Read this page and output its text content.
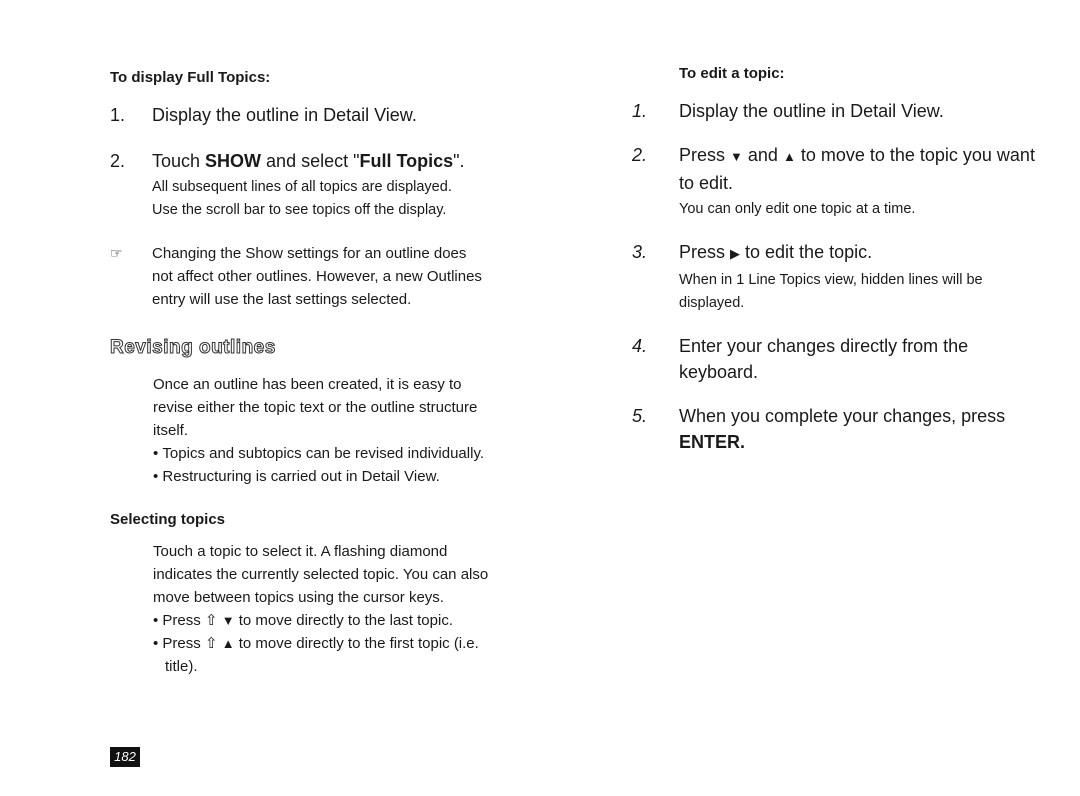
To display Full Topics:

1.	Display the outline in Detail View.
2.	Touch SHOW and select "Full Topics".
All subsequent lines of all topics are displayed.
Use the scroll bar to see topics off the display.
☞	Changing the Show settings for an outline does
not affect other outlines. However, a new Outlines
entry will use the last settings selected.
Revising outlines

Once an outline has been created, it is easy to

revise either the topic text or the outline structure

itself.

• Topics and subtopics can be revised individually.

• Restructuring is carried out in Detail View.

Selecting topics

Touch a topic to select it. A flashing diamond

indicates the currently selected topic. You can also

move between topics using the cursor keys.

• Press ⇧ ▼ to move directly to the last topic.

• Press ⇧ ▲ to move directly to the first topic (i.e.

title).

To edit a topic:

1.	Display the outline in Detail View.
2.	Press ▼ and ▲ to move to the topic you want
to edit.
You can only edit one topic at a time.
3.	Press ▶ to edit the topic.
When in 1 Line Topics view, hidden lines will be
displayed.
4.	Enter your changes directly from the
keyboard.
5.	When you complete your changes, press
ENTER.
182
